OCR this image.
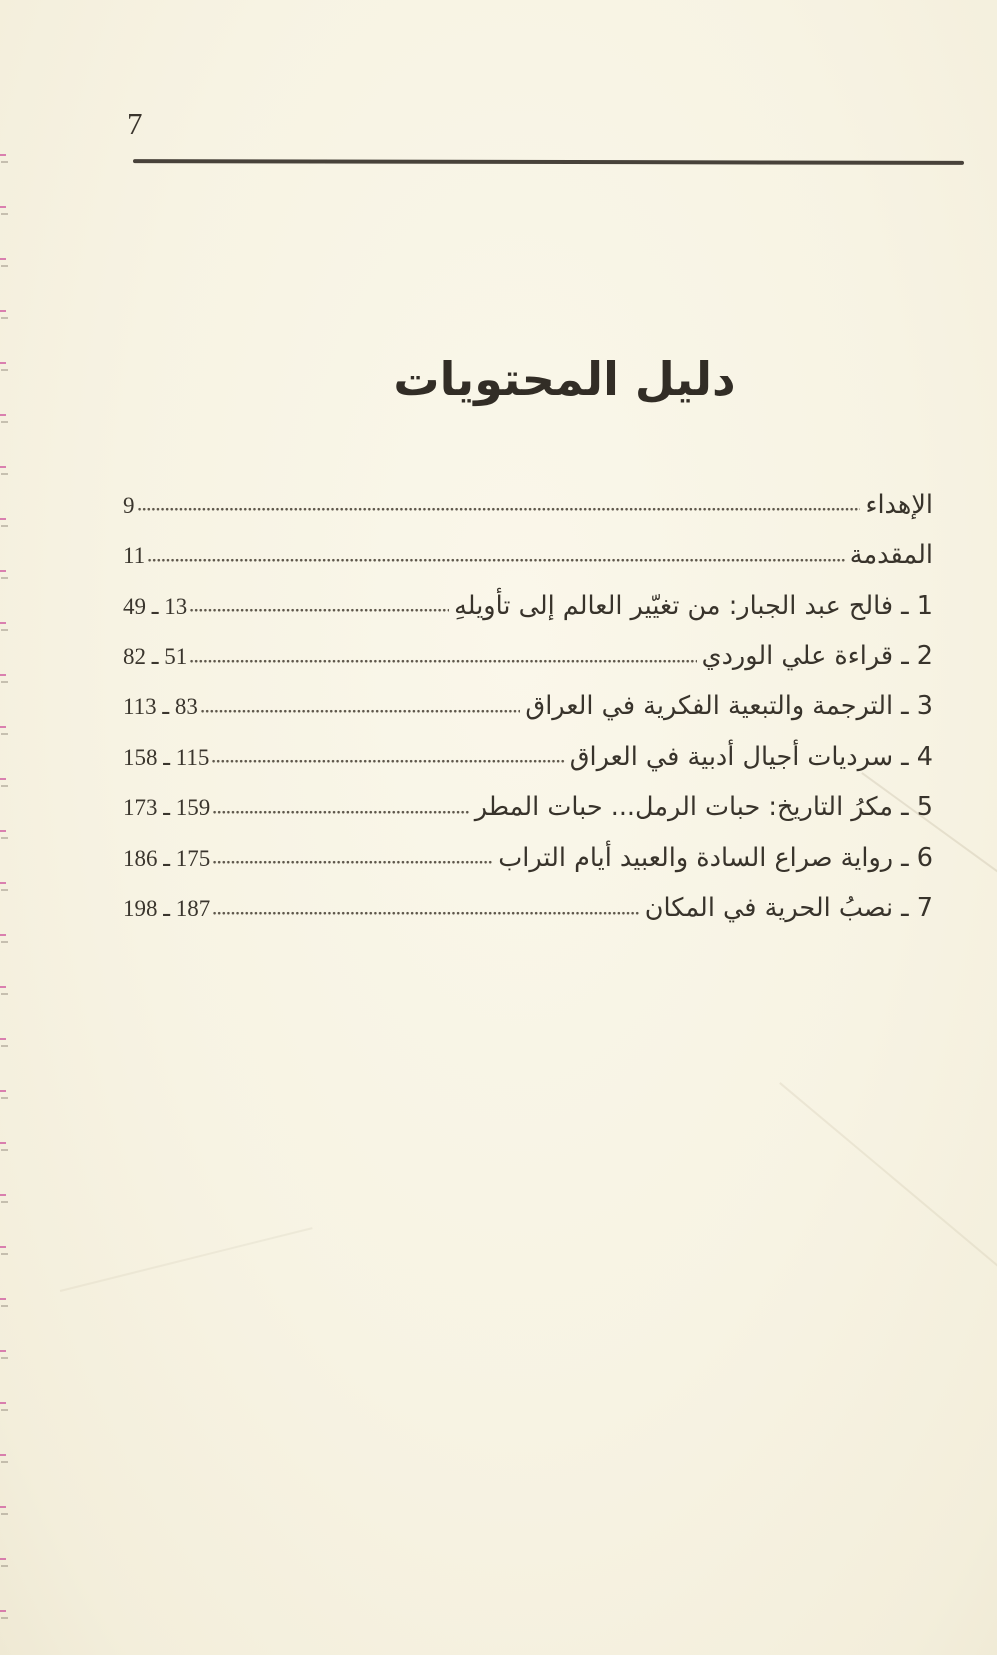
7
دليل المحتويات
الإهداء
9
المقدمة
11
1 ـ فالح عبد الجبار: من تغيّير العالم إلى تأويلهِ
13 ـ 49
2 ـ قراءة علي الوردي
51 ـ 82
3 ـ الترجمة والتبعية الفكرية في العراق
83 ـ 113
4 ـ سرديات أجيال أدبية في العراق
115 ـ 158
5 ـ مكرُ التاريخ: حبات الرمل... حبات المطر
159 ـ 173
6 ـ رواية صراع السادة والعبيد أيام التراب
175 ـ 186
7 ـ نصبُ الحرية في المكان
187 ـ 198
